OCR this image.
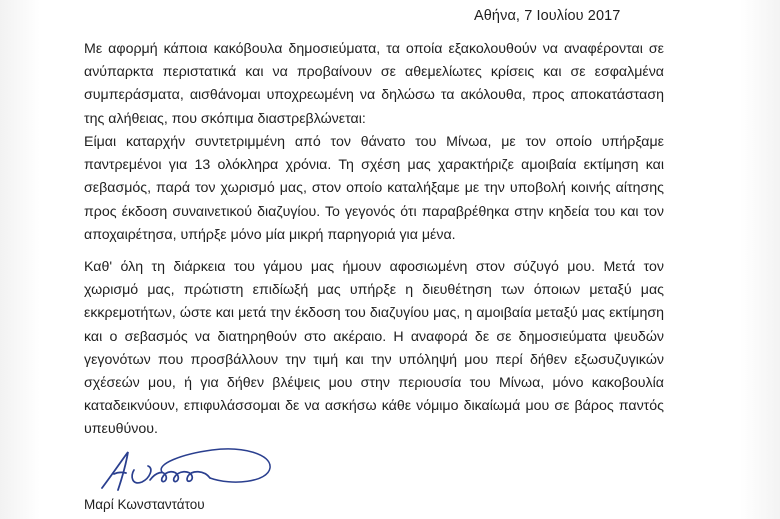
Αθήνα, 7 Ιουλίου 2017

Με αφορμή κάποια κακόβουλα δημοσιεύματα, τα οποία εξακολουθούν να αναφέρονται σε ανύπαρκτα περιστατικά και να προβαίνουν σε αθεμελίωτες κρίσεις και σε εσφαλμένα συμπεράσματα, αισθάνομαι υποχρεωμένη να δηλώσω τα ακόλουθα, προς αποκατάσταση της αλήθειας, που σκόπιμα διαστρεβλώνεται:

Είμαι καταρχήν συντετριμμένη από τον θάνατο του Μίνωα, με τον οποίο υπήρξαμε παντρεμένοι για 13 ολόκληρα χρόνια. Τη σχέση μας χαρακτήριζε αμοιβαία εκτίμηση και σεβασμός, παρά τον χωρισμό μας, στον οποίο καταλήξαμε με την υποβολή κοινής αίτησης προς έκδοση συναινετικού διαζυγίου. Το γεγονός ότι παραβρέθηκα στην κηδεία του και τον αποχαιρέτησα, υπήρξε μόνο μία μικρή παρηγοριά για μένα.

Καθ' όλη τη διάρκεια του γάμου μας ήμουν αφοσιωμένη στον σύζυγό μου. Μετά τον χωρισμό μας, πρώτιστη επιδίωξή μας υπήρξε η διευθέτηση των όποιων μεταξύ μας εκκρεμοτήτων, ώστε και μετά την έκδοση του διαζυγίου μας, η αμοιβαία μεταξύ μας εκτίμηση και ο σεβασμός να διατηρηθούν στο ακέραιο. Η αναφορά δε σε δημοσιεύματα ψευδών γεγονότων που προσβάλλουν την τιμή και την υπόληψή μου περί δήθεν εξωσυζυγικών σχέσεών μου, ή για δήθεν βλέψεις μου στην περιουσία του Μίνωα, μόνο κακοβουλία καταδεικνύουν, επιφυλάσσομαι δε να ασκήσω κάθε νόμιμο δικαίωμά μου σε βάρος παντός υπευθύνου.

Μαρί Κωνσταντάτου
